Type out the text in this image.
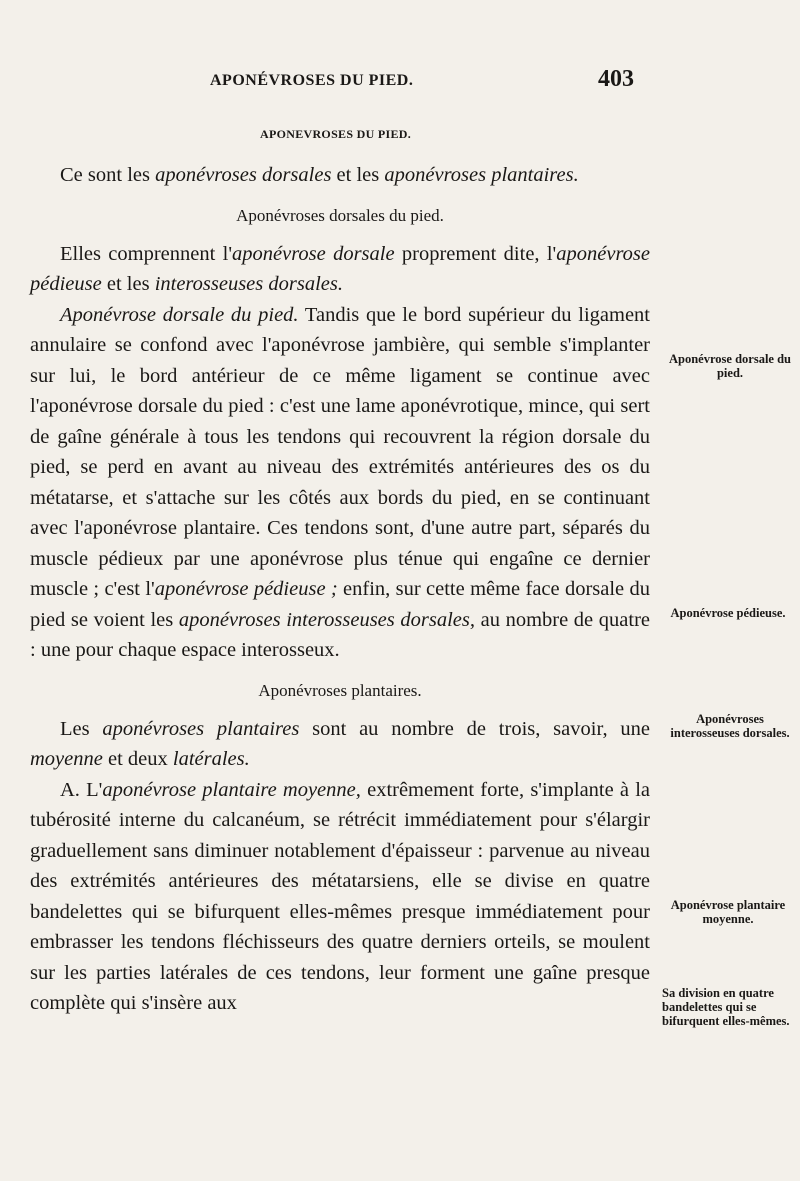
APONÉVROSES DU PIED.	403
APONEVROSES DU PIED.

Ce sont les aponévroses dorsales et les aponévroses plantaires.

Aponévroses dorsales du pied.

Elles comprennent l'aponévrose dorsale proprement dite, l'aponévrose pédieuse et les interosseuses dorsales.

Aponévrose dorsale du pied. Tandis que le bord supérieur du ligament annulaire se confond avec l'aponévrose jambière, qui semble s'implanter sur lui, le bord antérieur de ce même ligament se continue avec l'aponévrose dorsale du pied : c'est une lame aponévrotique, mince, qui sert de gaîne générale à tous les tendons qui recouvrent la région dorsale du pied, se perd en avant au niveau des extrémités antérieures des os du métatarse, et s'attache sur les côtés aux bords du pied, en se continuant avec l'aponévrose plantaire. Ces tendons sont, d'une autre part, séparés du muscle pédieux par une aponévrose plus ténue qui engaîne ce dernier muscle ; c'est l'aponévrose pédieuse ; enfin, sur cette même face dorsale du pied se voient les aponévroses interosseuses dorsales, au nombre de quatre : une pour chaque espace interosseux.

Aponévroses plantaires.

Les aponévroses plantaires sont au nombre de trois, savoir, une moyenne et deux latérales.

A. L'aponévrose plantaire moyenne, extrêmement forte, s'implante à la tubérosité interne du calcanéum, se rétrécit immédiatement pour s'élargir graduellement sans diminuer notablement d'épaisseur : parvenue au niveau des extrémités antérieures des métatarsiens, elle se divise en quatre bandelettes qui se bifurquent elles-mêmes presque immédiatement pour embrasser les tendons fléchisseurs des quatre derniers orteils, se moulent sur les parties latérales de ces tendons, leur forment une gaîne presque complète qui s'insère aux

Aponévrose dorsale du pied.
Aponévrose pédieuse.
Aponévroses interosseuses dorsales.
Aponévrose plantaire moyenne.
Sa division en quatre bandelettes qui se bifurquent elles-mêmes.
